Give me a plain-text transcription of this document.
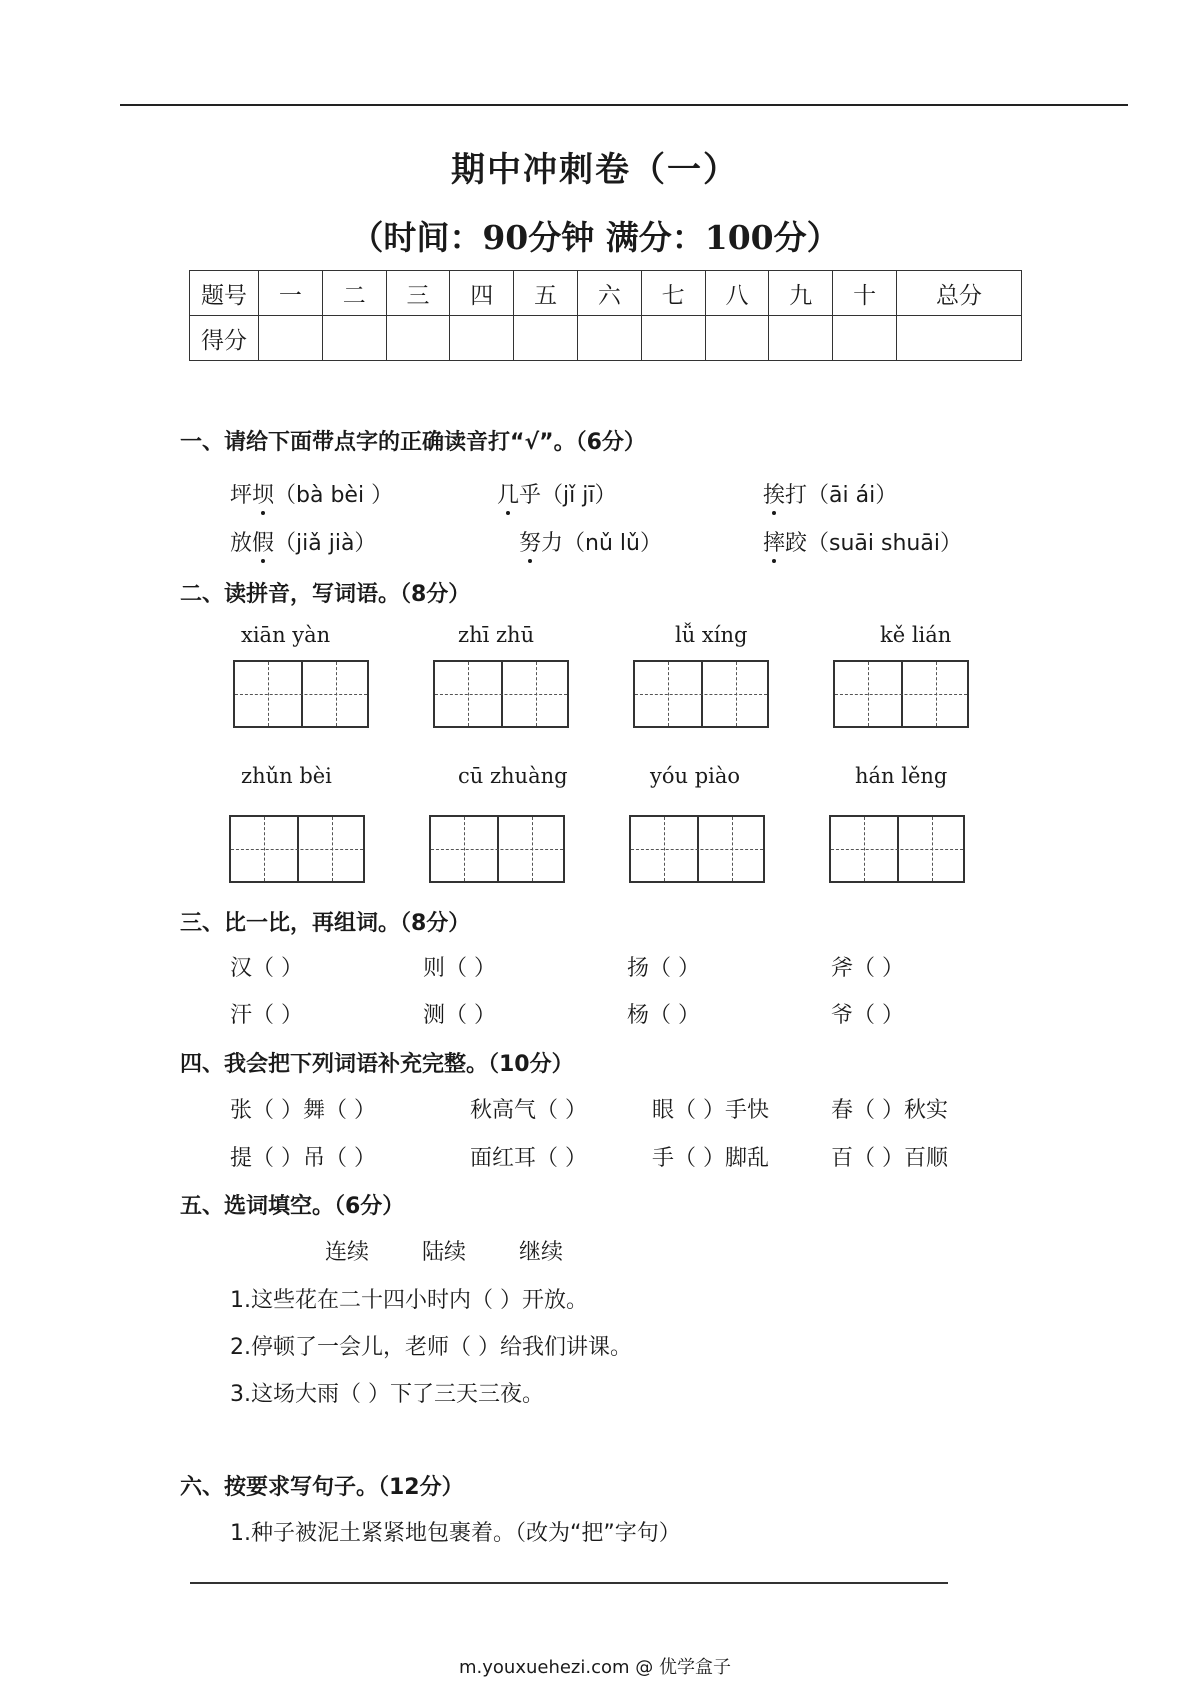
期中冲刺卷（一）
（时间：90分钟 满分：100分）
题号	一	二	三	四	五	六	七	八	九	十	总分
得分											
一、请给下面带点字的正确读音打“√”。（6分）
坪坝（bà bèi ）	几乎（jǐ jī）	挨打（āi ái）
放假（jiǎ jià）	努力（nǔ lǔ）	摔跤（suāi shuāi）
二、读拼音，写词语。（8分）
xiān yàn	zhī zhū	lǚ xíng	kě lián
zhǔn bèi	cū zhuàng	yóu piào	hán lěng
三、比一比，再组词。（8分）
汉（ ）	则（ ）	扬（ ）	斧（ ）
汗（ ）	测（ ）	杨（ ）	爷（ ）
四、我会把下列词语补充完整。（10分）
张（ ）舞（ ）	秋高气（ ）	眼（ ）手快	春（ ）秋实
提（ ）吊（ ）	面红耳（ ）	手（ ）脚乱	百（ ）百顺
五、选词填空。（6分）
连续 陆续 继续
1.这些花在二十四小时内（ ）开放。
2.停顿了一会儿，老师（ ）给我们讲课。
3.这场大雨（ ）下了三天三夜。
六、按要求写句子。（12分）
1.种子被泥土紧紧地包裹着。（改为“把”字句）
m.youxuehezi.com @ 优学盒子
